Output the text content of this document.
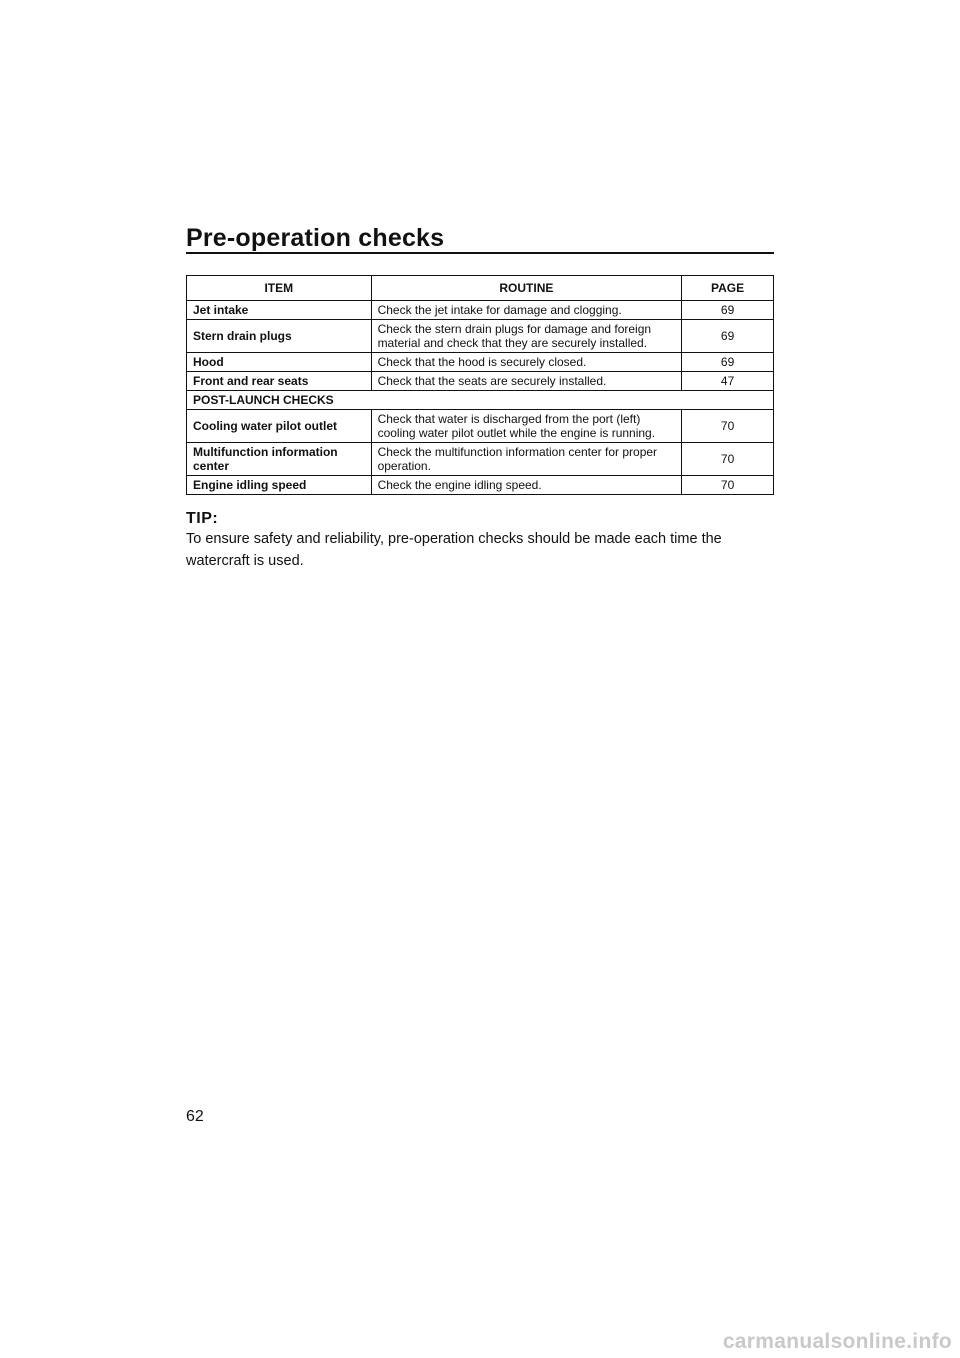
Pre-operation checks
ITEM	ROUTINE	PAGE
Jet intake	Check the jet intake for damage and clogging.	69
Stern drain plugs	Check the stern drain plugs for damage and foreign material and check that they are securely installed.	69
Hood	Check that the hood is securely closed.	69
Front and rear seats	Check that the seats are securely installed.	47
POST-LAUNCH CHECKS		
Cooling water pilot outlet	Check that water is discharged from the port (left) cooling water pilot outlet while the engine is running.	70
Multifunction information center	Check the multifunction information center for proper operation.	70
Engine idling speed	Check the engine idling speed.	70
TIP:

To ensure safety and reliability, pre-operation checks should be made each time the watercraft is used.

62
carmanualsonline.info
